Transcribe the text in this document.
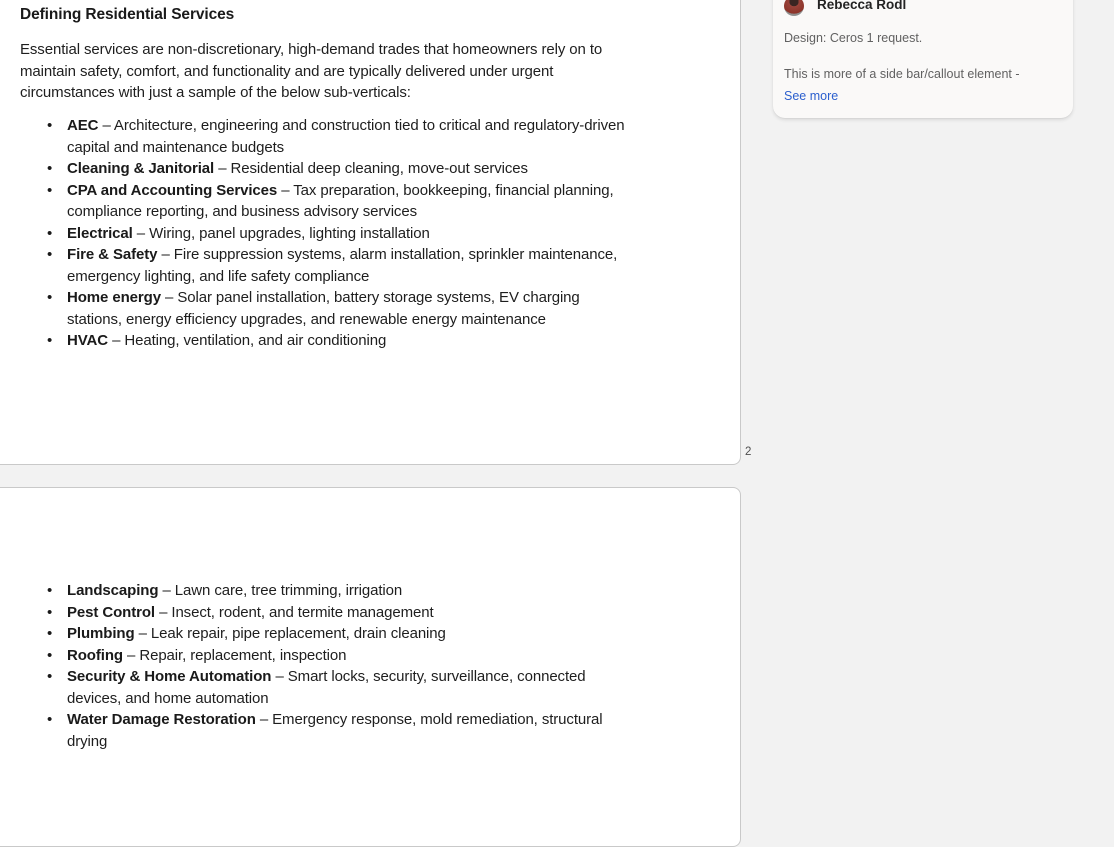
Defining Residential Services

Essential services are non-discretionary, high-demand trades that homeowners rely on to maintain safety, comfort, and functionality and are typically delivered under urgent circumstances with just a sample of the below sub-verticals:

• AEC – Architecture, engineering and construction tied to critical and regulatory-driven capital and maintenance budgets
• Cleaning & Janitorial – Residential deep cleaning, move-out services
• CPA and Accounting Services – Tax preparation, bookkeeping, financial planning, compliance reporting, and business advisory services
• Electrical – Wiring, panel upgrades, lighting installation
• Fire & Safety – Fire suppression systems, alarm installation, sprinkler maintenance, emergency lighting, and life safety compliance
• Home energy – Solar panel installation, battery storage systems, EV charging stations, energy efficiency upgrades, and renewable energy maintenance
• HVAC – Heating, ventilation, and air conditioning
2
• Landscaping – Lawn care, tree trimming, irrigation
• Pest Control – Insect, rodent, and termite management
• Plumbing – Leak repair, pipe replacement, drain cleaning
• Roofing – Repair, replacement, inspection
• Security & Home Automation – Smart locks, security, surveillance, connected devices, and home automation
• Water Damage Restoration – Emergency response, mold remediation, structural drying
Rebecca Rodl
Design: Ceros 1 request.
This is more of a side bar/callout element -
See more
